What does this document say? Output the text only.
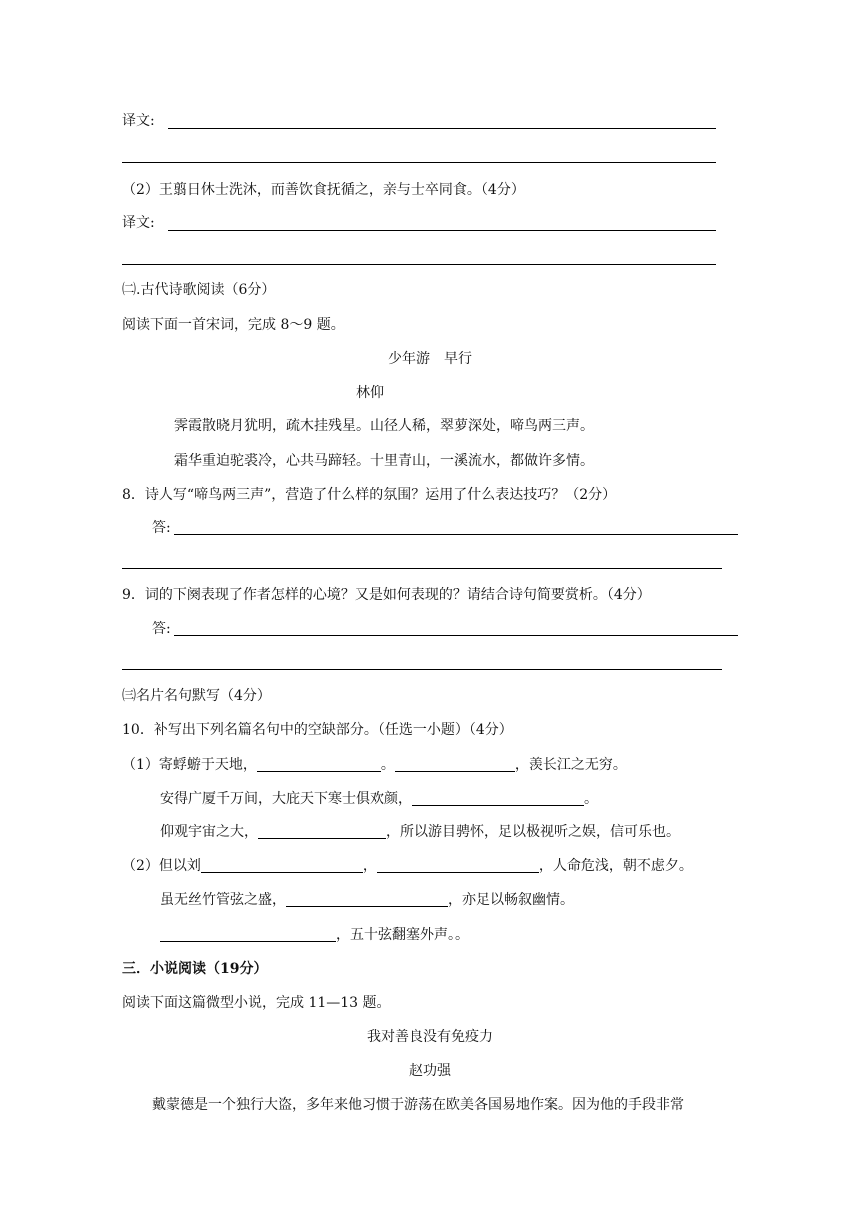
译文:
（2）王翦日休士洗沐，而善饮食抚循之，亲与士卒同食。（4分）
译文:
㈡.古代诗歌阅读（6分）
阅读下面一首宋词，完成 8～9 题。
少年游　早行
林仰
霁霞散晓月犹明，疏木挂残星。山径人稀，翠萝深处，啼鸟两三声。
霜华重迫驼裘冷，心共马蹄轻。十里青山，一溪流水，都做许多情。
8．诗人写“啼鸟两三声”，营造了什么样的氛围？运用了什么表达技巧？（2分）
答:
9．词的下阕表现了作者怎样的心境？又是如何表现的？请结合诗句简要赏析。（4分）
答:
㈢名片名句默写（4分）
10．补写出下列名篇名句中的空缺部分。（任选一小题）（4分）
（1）寄蜉蝣于天地，	。	，羡长江之无穷。
安得广厦千万间，大庇天下寒士俱欢颜，	。
仰观宇宙之大，	，所以游目骋怀，足以极视听之娱，信可乐也。
（2）但以刘	，	，人命危浅，朝不虑夕。
虽无丝竹管弦之盛，	，亦足以畅叙幽情。
，五十弦翻塞外声。。
三．小说阅读（19分）
阅读下面这篇微型小说，完成 11—13 题。
我对善良没有免疫力
赵功强
戴蒙德是一个独行大盗，多年来他习惯于游荡在欧美各国易地作案。因为他的手段非常
